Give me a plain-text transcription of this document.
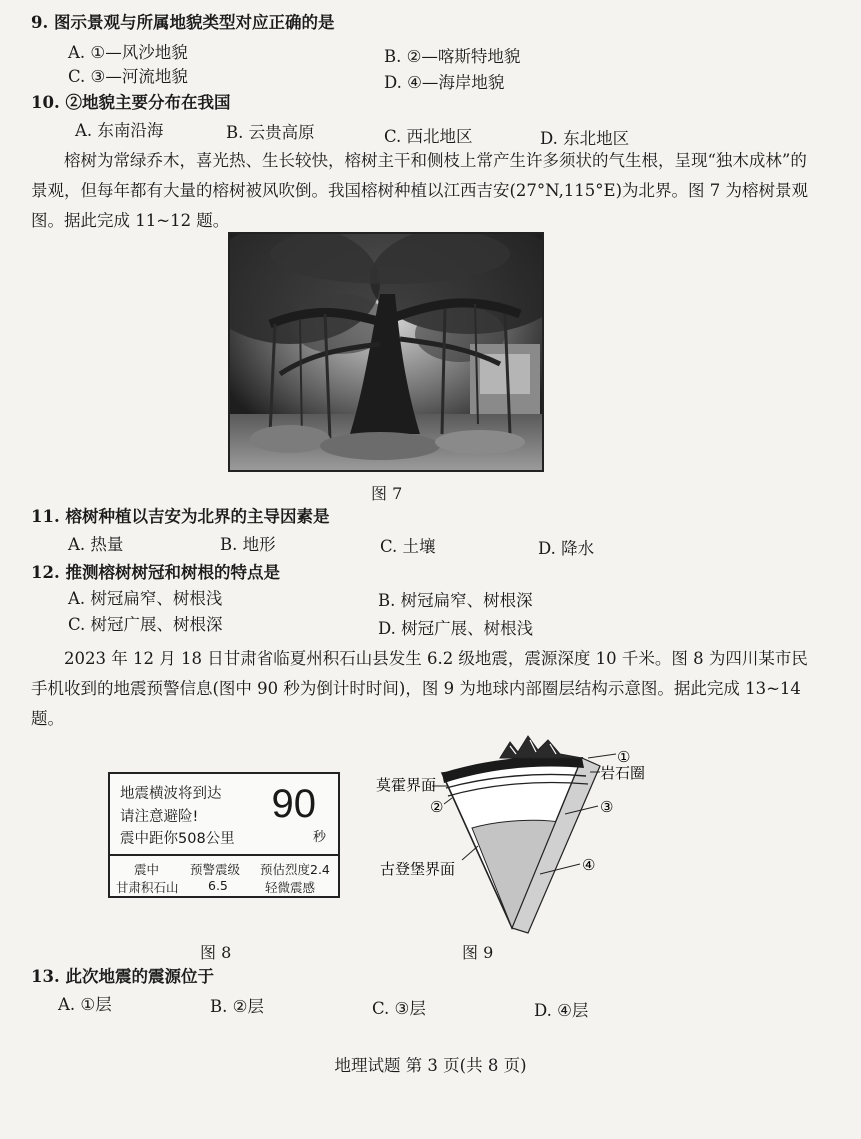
9. 图示景观与所属地貌类型对应正确的是
A. ①—风沙地貌	B. ②—喀斯特地貌
C. ③—河流地貌	D. ④—海岸地貌
10. ②地貌主要分布在我国
A. 东南沿海	B. 云贵高原	C. 西北地区	D. 东北地区
榕树为常绿乔木，喜光热、生长较快，榕树主干和侧枝上常产生许多须状的气生根，呈现“独木成林”的景观，但每年都有大量的榕树被风吹倒。我国榕树种植以江西吉安(27°N,115°E)为北界。图 7 为榕树景观图。据此完成 11~12 题。
图 7
11. 榕树种植以吉安为北界的主导因素是
A. 热量	B. 地形	C. 土壤	D. 降水
12. 推测榕树树冠和树根的特点是
A. 树冠扁窄、树根浅	B. 树冠扁窄、树根深
C. 树冠广展、树根深	D. 树冠广展、树根浅
2023 年 12 月 18 日甘肃省临夏州积石山县发生 6.2 级地震，震源深度 10 千米。图 8 为四川某市民手机收到的地震预警信息(图中 90 秒为倒计时时间)，图 9 为地球内部圈层结构示意图。据此完成 13~14 题。
地震横波将到达
请注意避险!
震中距你508公里
90
秒
震中 预警震级 预估烈度2.4
甘肃积石山 6.5	轻微震感
图 8
①
岩石圈
莫霍界面
②	③
古登堡界面	④
图 9
13. 此次地震的震源位于
A. ①层	B. ②层	C. ③层	D. ④层
地理试题 第 3 页(共 8 页)
